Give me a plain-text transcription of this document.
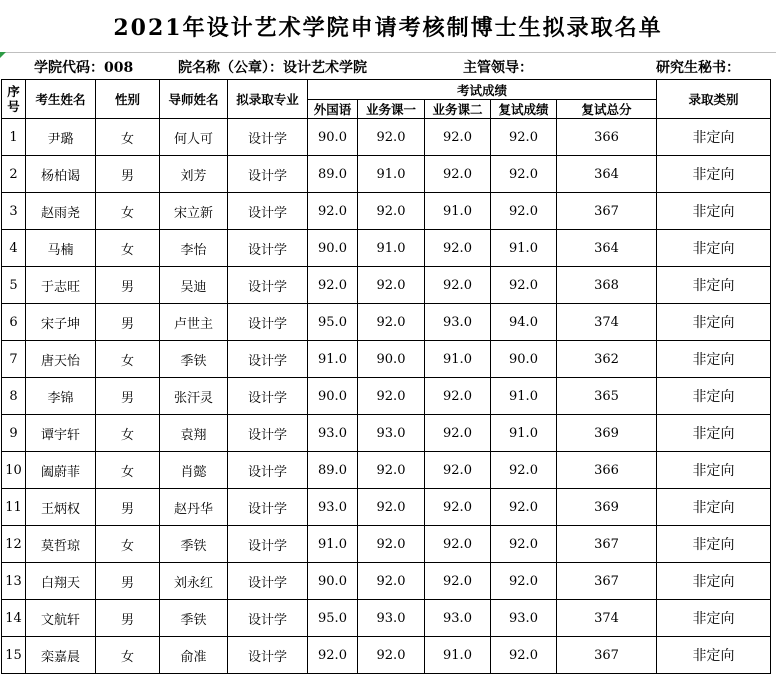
2021年设计艺术学院申请考核制博士生拟录取名单
学院代码：008	院名称（公章）：设计艺术学院	主管领导：	研究生秘书：
序
号	考生姓名	性别	导师姓名	拟录取专业	考试成绩					录取类别
					外国语	业务课一	业务课二	复试成绩	复试总分	
1	尹璐	女	何人可	设计学	90.0	92.0	92.0	92.0	366	非定向
2	杨柏谒	男	刘芳	设计学	89.0	91.0	92.0	92.0	364	非定向
3	赵雨尧	女	宋立新	设计学	92.0	92.0	91.0	92.0	367	非定向
4	马楠	女	李怡	设计学	90.0	91.0	92.0	91.0	364	非定向
5	于志旺	男	吴迪	设计学	92.0	92.0	92.0	92.0	368	非定向
6	宋子坤	男	卢世主	设计学	95.0	92.0	93.0	94.0	374	非定向
7	唐天怡	女	季铁	设计学	91.0	90.0	91.0	90.0	362	非定向
8	李锦	男	张汗灵	设计学	90.0	92.0	92.0	91.0	365	非定向
9	谭宇轩	女	袁翔	设计学	93.0	93.0	92.0	91.0	369	非定向
10	阖蔚菲	女	肖懿	设计学	89.0	92.0	92.0	92.0	366	非定向
11	王炳权	男	赵丹华	设计学	93.0	92.0	92.0	92.0	369	非定向
12	莫哲琼	女	季铁	设计学	91.0	92.0	92.0	92.0	367	非定向
13	白翔天	男	刘永红	设计学	90.0	92.0	92.0	92.0	367	非定向
14	文航轩	男	季铁	设计学	95.0	93.0	93.0	93.0	374	非定向
15	栾嘉晨	女	俞准	设计学	92.0	92.0	91.0	92.0	367	非定向
